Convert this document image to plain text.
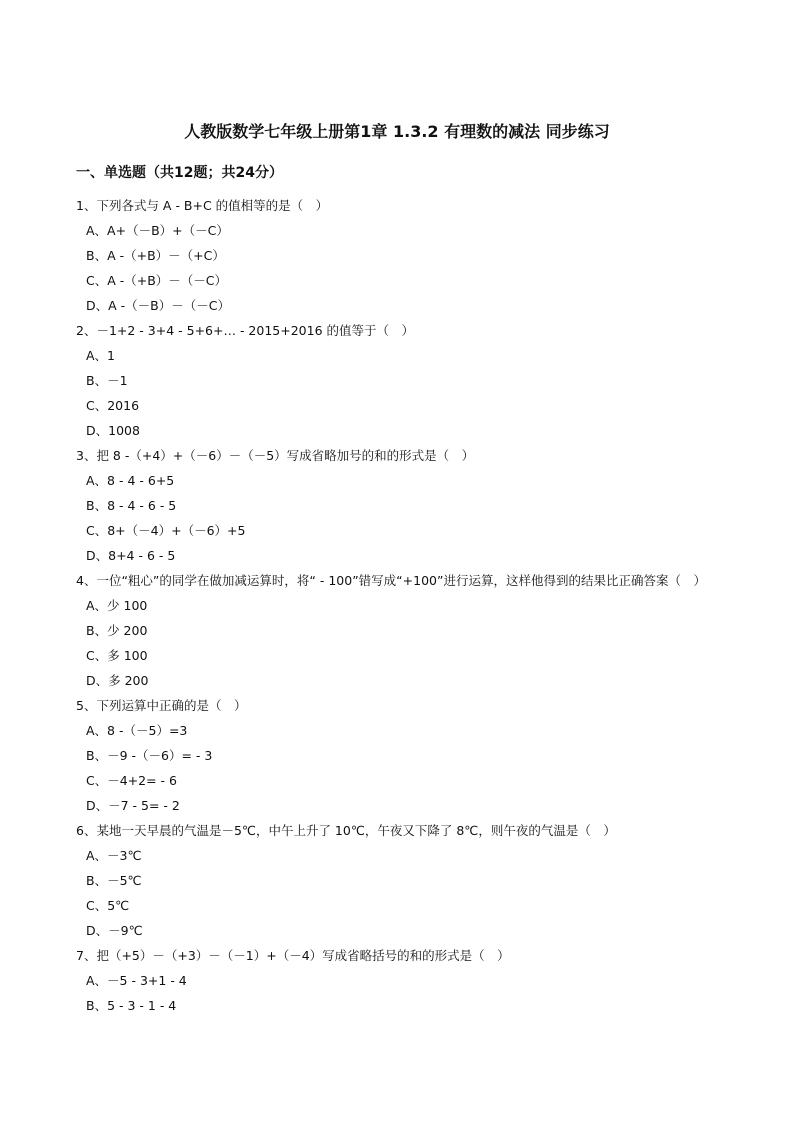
人教版数学七年级上册第1章 1.3.2 有理数的减法 同步练习
一、单选题（共12题；共24分）
1、下列各式与 A - B+C 的值相等的是（　）
A、A+（－B）+（－C）
B、A -（+B）－（+C）
C、A -（+B）－（－C）
D、A -（－B）－（－C）
2、－1+2 - 3+4 - 5+6+… - 2015+2016 的值等于（　）
A、1
B、－1
C、2016
D、1008
3、把 8 -（+4）+（－6）－（－5）写成省略加号的和的形式是（　）
A、8 - 4 - 6+5
B、8 - 4 - 6 - 5
C、8+（－4）+（－6）+5
D、8+4 - 6 - 5
4、一位“粗心”的同学在做加减运算时，将“ - 100”错写成“+100”进行运算，这样他得到的结果比正确答案（　）
A、少 100
B、少 200
C、多 100
D、多 200
5、下列运算中正确的是（　）
A、8 -（－5）=3
B、－9 -（－6）= - 3
C、－4+2= - 6
D、－7 - 5= - 2
6、某地一天早晨的气温是－5℃，中午上升了 10℃，午夜又下降了 8℃，则午夜的气温是（　）
A、－3℃
B、－5℃
C、5℃
D、－9℃
7、把（+5）－（+3）－（－1）+（－4）写成省略括号的和的形式是（　）
A、－5 - 3+1 - 4
B、5 - 3 - 1 - 4
